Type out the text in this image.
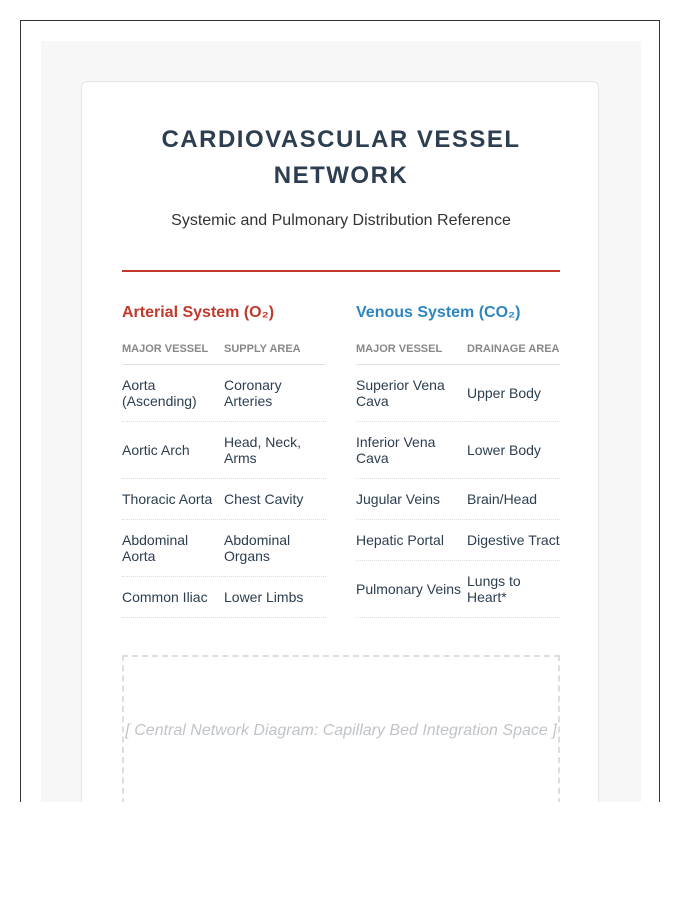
CARDIOVASCULAR VESSEL
NETWORK
Systemic and Pulmonary Distribution Reference
Arterial System (O₂)
MAJOR VESSEL	SUPPLY AREA
Aorta (Ascending)	Coronary Arteries
Aortic Arch	Head, Neck, Arms
Thoracic Aorta	Chest Cavity
Abdominal Aorta	Abdominal Organs
Common Iliac	Lower Limbs
Venous System (CO₂)
MAJOR VESSEL	DRAINAGE AREA
Superior Vena Cava	Upper Body
Inferior Vena Cava	Lower Body
Jugular Veins	Brain/Head
Hepatic Portal	Digestive Tract
Pulmonary Veins	Lungs to Heart*
[ Central Network Diagram: Capillary Bed Integration Space ]
